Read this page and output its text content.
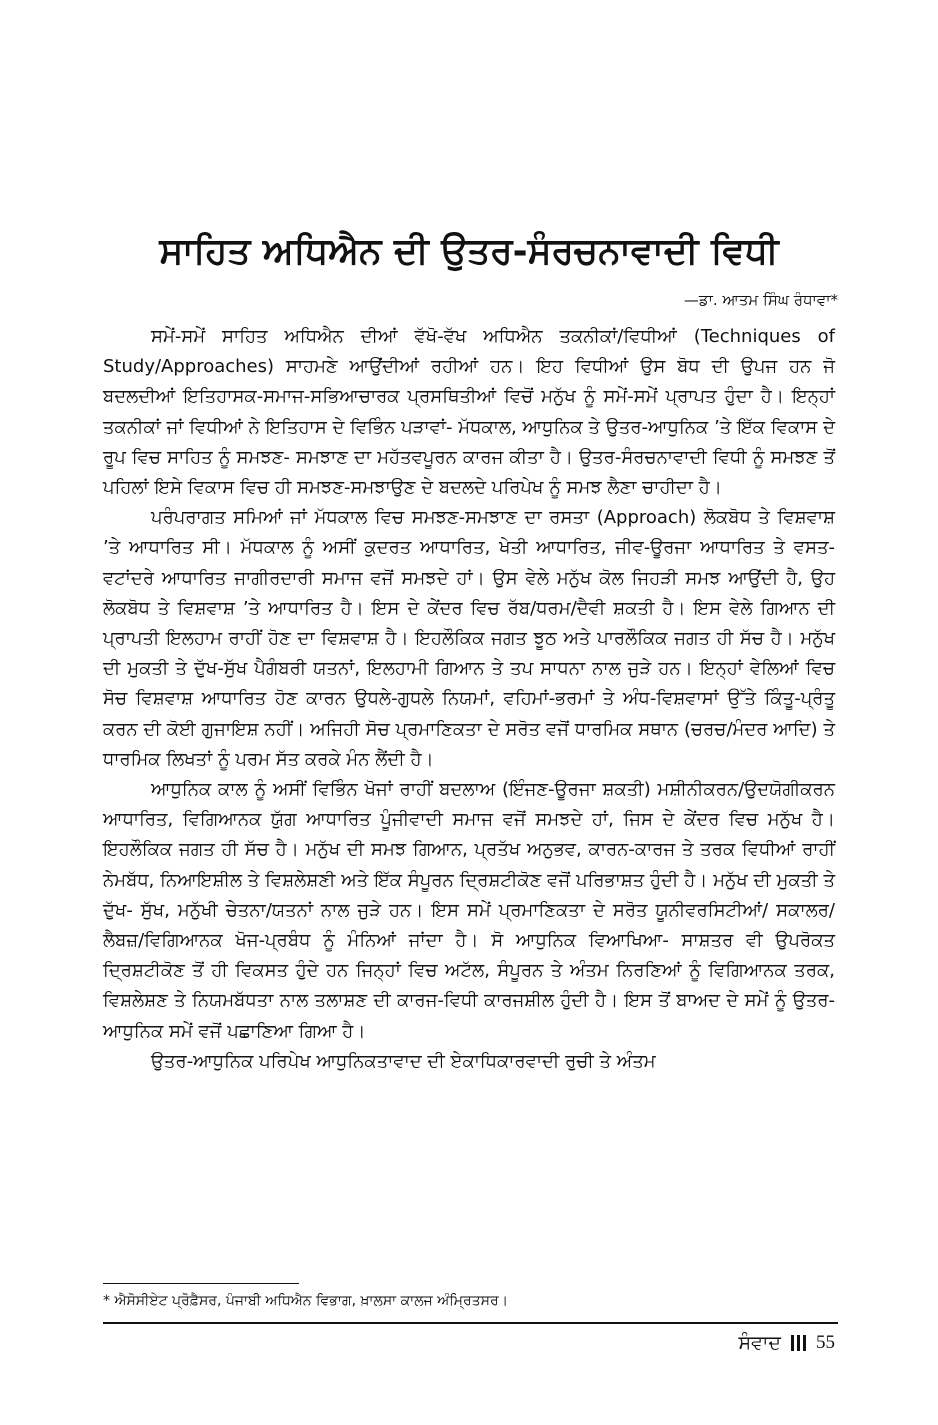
ਸਾਹਿਤ ਅਧਿਐਨ ਦੀ ਉਤਰ-ਸੰਰਚਨਾਵਾਦੀ ਵਿਧੀ
—ਡਾ. ਆਤਮ ਸਿੰਘ ਰੰਧਾਵਾ*

ਸਮੇਂ-ਸਮੇਂ ਸਾਹਿਤ ਅਧਿਐਨ ਦੀਆਂ ਵੱਖੋ-ਵੱਖ ਅਧਿਐਨ ਤਕਨੀਕਾਂ/ਵਿਧੀਆਂ (Techniques of Study/Approaches) ਸਾਹਮਣੇ ਆਉਂਦੀਆਂ ਰਹੀਆਂ ਹਨ। ਇਹ ਵਿਧੀਆਂ ਉਸ ਬੋਧ ਦੀ ਉਪਜ ਹਨ ਜੋ ਬਦਲਦੀਆਂ ਇਤਿਹਾਸਕ-ਸਮਾਜ-ਸਭਿਆਚਾਰਕ ਪ੍ਰਸਥਿਤੀਆਂ ਵਿਚੋਂ ਮਨੁੱਖ ਨੂੰ ਸਮੇਂ-ਸਮੇਂ ਪ੍ਰਾਪਤ ਹੁੰਦਾ ਹੈ। ਇਨ੍ਹਾਂ ਤਕਨੀਕਾਂ ਜਾਂ ਵਿਧੀਆਂ ਨੇ ਇਤਿਹਾਸ ਦੇ ਵਿਭਿੰਨ ਪੜਾਵਾਂ- ਮੱਧਕਾਲ, ਆਧੁਨਿਕ ਤੇ ਉਤਰ-ਆਧੁਨਿਕ ’ਤੇ ਇੱਕ ਵਿਕਾਸ ਦੇ ਰੂਪ ਵਿਚ ਸਾਹਿਤ ਨੂੰ ਸਮਝਣ- ਸਮਝਾਣ ਦਾ ਮਹੱਤਵਪੂਰਨ ਕਾਰਜ ਕੀਤਾ ਹੈ। ਉਤਰ-ਸੰਰਚਨਾਵਾਦੀ ਵਿਧੀ ਨੂੰ ਸਮਝਣ ਤੋਂ ਪਹਿਲਾਂ ਇਸੇ ਵਿਕਾਸ ਵਿਚ ਹੀ ਸਮਝਣ-ਸਮਝਾਉਣ ਦੇ ਬਦਲਦੇ ਪਰਿਪੇਖ ਨੂੰ ਸਮਝ ਲੈਣਾ ਚਾਹੀਦਾ ਹੈ।

ਪਰੰਪਰਾਗਤ ਸਮਿਆਂ ਜਾਂ ਮੱਧਕਾਲ ਵਿਚ ਸਮਝਣ-ਸਮਝਾਣ ਦਾ ਰਸਤਾ (Approach) ਲੋਕਬੋਧ ਤੇ ਵਿਸ਼ਵਾਸ਼ ’ਤੇ ਆਧਾਰਿਤ ਸੀ। ਮੱਧਕਾਲ ਨੂੰ ਅਸੀਂ ਕੁਦਰਤ ਆਧਾਰਿਤ, ਖੇਤੀ ਆਧਾਰਿਤ, ਜੀਵ-ਊਰਜਾ ਆਧਾਰਿਤ ਤੇ ਵਸਤ-ਵਟਾਂਦਰੇ ਆਧਾਰਿਤ ਜਾਗੀਰਦਾਰੀ ਸਮਾਜ ਵਜੋਂ ਸਮਝਦੇ ਹਾਂ। ਉਸ ਵੇਲੇ ਮਨੁੱਖ ਕੋਲ ਜਿਹੜੀ ਸਮਝ ਆਉਂਦੀ ਹੈ, ਉਹ ਲੋਕਬੋਧ ਤੇ ਵਿਸ਼ਵਾਸ਼ ’ਤੇ ਆਧਾਰਿਤ ਹੈ। ਇਸ ਦੇ ਕੇਂਦਰ ਵਿਚ ਰੱਬ/ਧਰਮ/ਦੈਵੀ ਸ਼ਕਤੀ ਹੈ। ਇਸ ਵੇਲੇ ਗਿਆਨ ਦੀ ਪ੍ਰਾਪਤੀ ਇਲਹਾਮ ਰਾਹੀਂ ਹੋਣ ਦਾ ਵਿਸ਼ਵਾਸ਼ ਹੈ। ਇਹਲੌਕਿਕ ਜਗਤ ਝੂਠ ਅਤੇ ਪਾਰਲੌਕਿਕ ਜਗਤ ਹੀ ਸੱਚ ਹੈ। ਮਨੁੱਖ ਦੀ ਮੁਕਤੀ ਤੇ ਦੁੱਖ-ਸੁੱਖ ਪੈਗੰਬਰੀ ਯਤਨਾਂ, ਇਲਹਾਮੀ ਗਿਆਨ ਤੇ ਤਪ ਸਾਧਨਾ ਨਾਲ ਜੁੜੇ ਹਨ। ਇਨ੍ਹਾਂ ਵੇਲਿਆਂ ਵਿਚ ਸੋਚ ਵਿਸ਼ਵਾਸ਼ ਆਧਾਰਿਤ ਹੋਣ ਕਾਰਨ ਉਧਲੇ-ਗੁਧਲੇ ਨਿਯਮਾਂ, ਵਹਿਮਾਂ-ਭਰਮਾਂ ਤੇ ਅੰਧ-ਵਿਸ਼ਵਾਸਾਂ ਉੱਤੇ ਕਿੰਤੂ-ਪ੍ਰੰਤੂ ਕਰਨ ਦੀ ਕੋਈ ਗੁਜਾਇਸ਼ ਨਹੀਂ। ਅਜਿਹੀ ਸੋਚ ਪ੍ਰਮਾਣਿਕਤਾ ਦੇ ਸਰੋਤ ਵਜੋਂ ਧਾਰਮਿਕ ਸਥਾਨ (ਚਰਚ/ਮੰਦਰ ਆਦਿ) ਤੇ ਧਾਰਮਿਕ ਲਿਖਤਾਂ ਨੂੰ ਪਰਮ ਸੱਤ ਕਰਕੇ ਮੰਨ ਲੈਂਦੀ ਹੈ।

ਆਧੁਨਿਕ ਕਾਲ ਨੂੰ ਅਸੀਂ ਵਿਭਿੰਨ ਖੋਜਾਂ ਰਾਹੀਂ ਬਦਲਾਅ (ਇੰਜਣ-ਊਰਜਾ ਸ਼ਕਤੀ) ਮਸ਼ੀਨੀਕਰਨ/ਉਦਯੋਗੀਕਰਨ ਆਧਾਰਿਤ, ਵਿਗਿਆਨਕ ਯੁੱਗ ਆਧਾਰਿਤ ਪੂੰਜੀਵਾਦੀ ਸਮਾਜ ਵਜੋਂ ਸਮਝਦੇ ਹਾਂ, ਜਿਸ ਦੇ ਕੇਂਦਰ ਵਿਚ ਮਨੁੱਖ ਹੈ। ਇਹਲੌਕਿਕ ਜਗਤ ਹੀ ਸੱਚ ਹੈ। ਮਨੁੱਖ ਦੀ ਸਮਝ ਗਿਆਨ, ਪ੍ਰਤੱਖ ਅਨੁਭਵ, ਕਾਰਨ-ਕਾਰਜ ਤੇ ਤਰਕ ਵਿਧੀਆਂ ਰਾਹੀਂ ਨੇਮਬੱਧ, ਨਿਆਇਸ਼ੀਲ ਤੇ ਵਿਸ਼ਲੇਸ਼ਣੀ ਅਤੇ ਇੱਕ ਸੰਪੂਰਨ ਦ੍ਰਿਸ਼ਟੀਕੋਣ ਵਜੋਂ ਪਰਿਭਾਸ਼ਤ ਹੁੰਦੀ ਹੈ। ਮਨੁੱਖ ਦੀ ਮੁਕਤੀ ਤੇ ਦੁੱਖ- ਸੁੱਖ, ਮਨੁੱਖੀ ਚੇਤਨਾ/ਯਤਨਾਂ ਨਾਲ ਜੁੜੇ ਹਨ। ਇਸ ਸਮੇਂ ਪ੍ਰਮਾਣਿਕਤਾ ਦੇ ਸਰੋਤ ਯੂਨੀਵਰਸਿਟੀਆਂ/ ਸਕਾਲਰ/ਲੈਬਜ਼/ਵਿਗਿਆਨਕ ਖੋਜ-ਪ੍ਰਬੰਧ ਨੂੰ ਮੰਨਿਆਂ ਜਾਂਦਾ ਹੈ। ਸੋ ਆਧੁਨਿਕ ਵਿਆਖਿਆ- ਸਾਸ਼ਤਰ ਵੀ ਉਪਰੋਕਤ ਦ੍ਰਿਸ਼ਟੀਕੋਣ ਤੋਂ ਹੀ ਵਿਕਸਤ ਹੁੰਦੇ ਹਨ ਜਿਨ੍ਹਾਂ ਵਿਚ ਅਟੱਲ, ਸੰਪੂਰਨ ਤੇ ਅੰਤਮ ਨਿਰਣਿਆਂ ਨੂੰ ਵਿਗਿਆਨਕ ਤਰਕ, ਵਿਸ਼ਲੇਸ਼ਣ ਤੇ ਨਿਯਮਬੱਧਤਾ ਨਾਲ ਤਲਾਸ਼ਣ ਦੀ ਕਾਰਜ-ਵਿਧੀ ਕਾਰਜਸ਼ੀਲ ਹੁੰਦੀ ਹੈ। ਇਸ ਤੋਂ ਬਾਅਦ ਦੇ ਸਮੇਂ ਨੂੰ ਉਤਰ-ਆਧੁਨਿਕ ਸਮੇਂ ਵਜੋਂ ਪਛਾਣਿਆ ਗਿਆ ਹੈ।

ਉਤਰ-ਆਧੁਨਿਕ ਪਰਿਪੇਖ ਆਧੁਨਿਕਤਾਵਾਦ ਦੀ ਏਕਾਧਿਕਾਰਵਾਦੀ ਰੁਚੀ ਤੇ ਅੰਤਮ

* ਐਸੋਸੀਏਟ ਪ੍ਰੋਫ਼ੈਸਰ, ਪੰਜਾਬੀ ਅਧਿਐਨ ਵਿਭਾਗ, ਖ਼ਾਲਸਾ ਕਾਲਜ ਅੰਮ੍ਰਿਤਸਰ।
ਸੰਵਾਦ 55
